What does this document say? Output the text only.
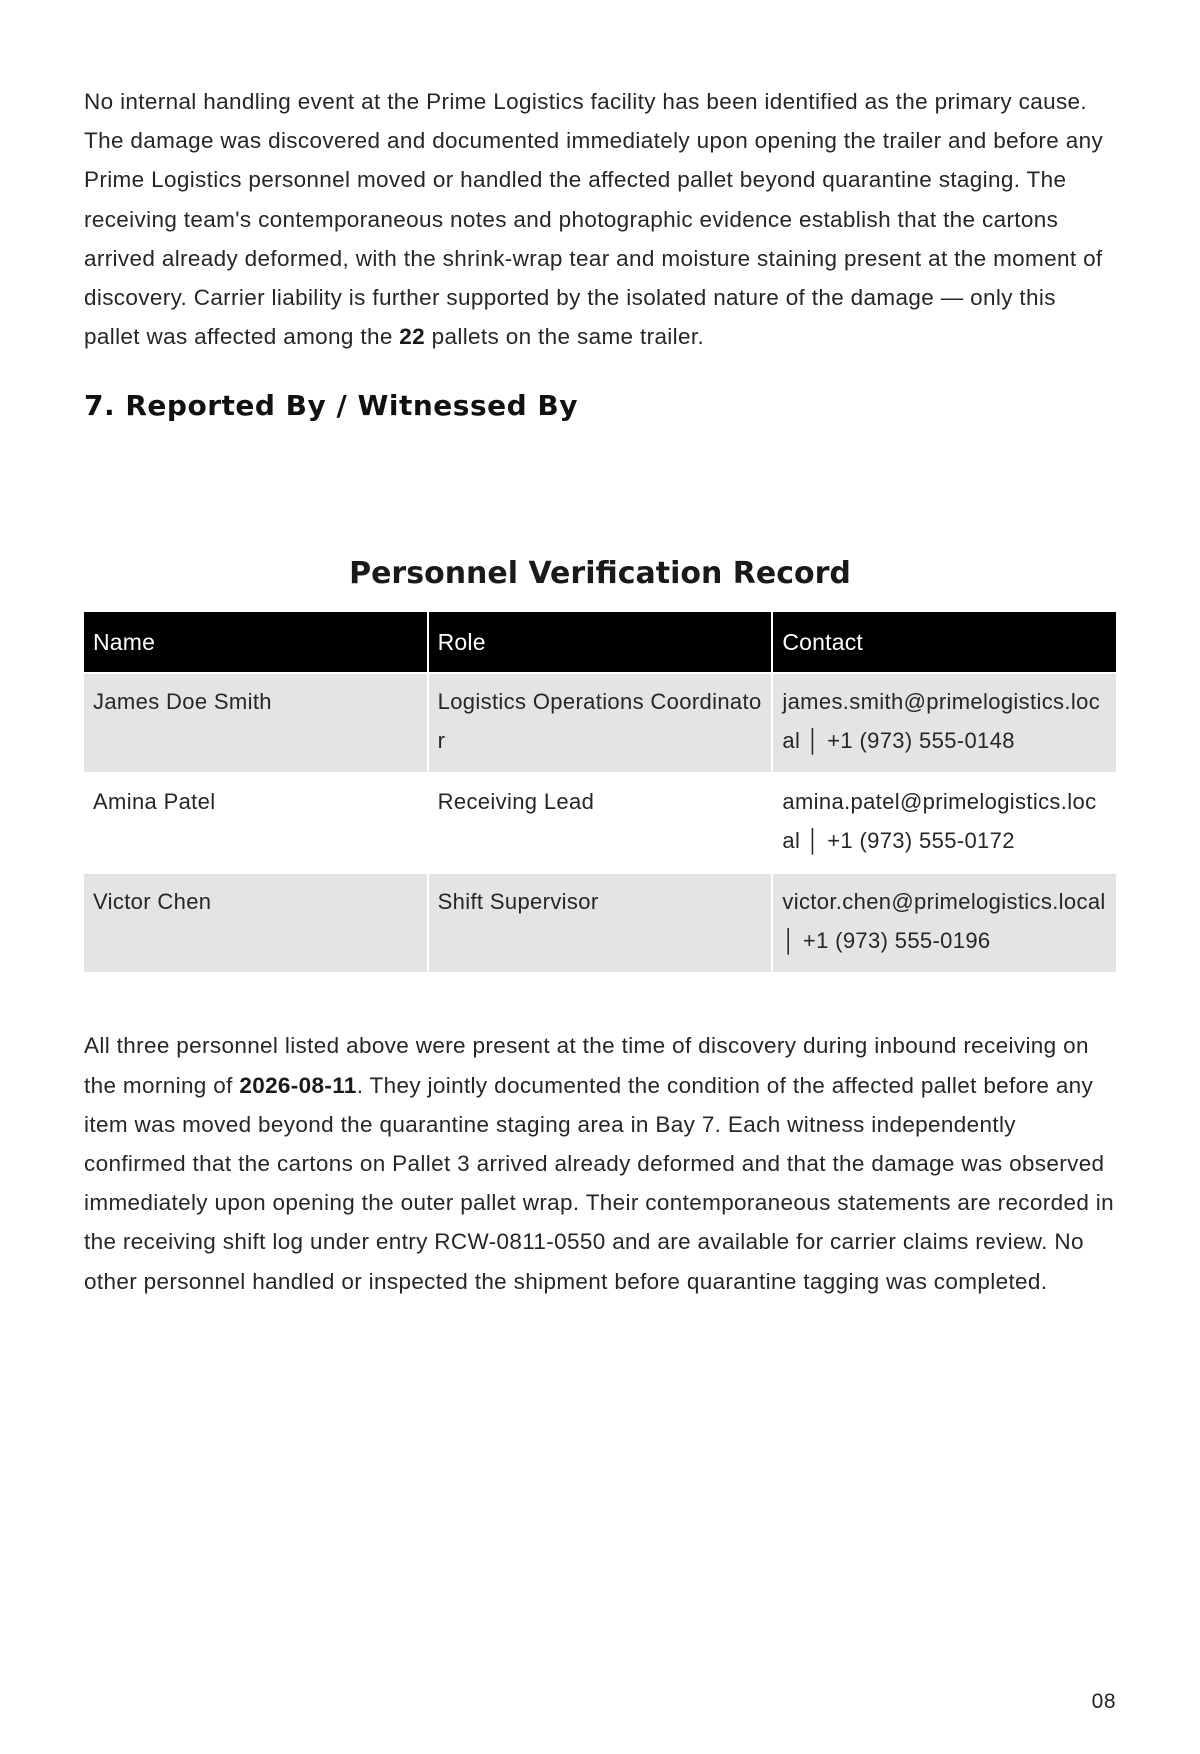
No internal handling event at the Prime Logistics facility has been identified as the primary cause. The damage was discovered and documented immediately upon opening the trailer and before any Prime Logistics personnel moved or handled the affected pallet beyond quarantine staging. The receiving team's contemporaneous notes and photographic evidence establish that the cartons arrived already deformed, with the shrink-wrap tear and moisture staining present at the moment of discovery. Carrier liability is further supported by the isolated nature of the damage — only this pallet was affected among the 22 pallets on the same trailer.

7. Reported By / Witnessed By
Personnel Verification Record
Name	Role	Contact
James Doe Smith	Logistics Operations Coordinator	james.smith@primelogistics.local │ +1 (973) 555-0148
Amina Patel	Receiving Lead	amina.patel@primelogistics.local │ +1 (973) 555-0172
Victor Chen	Shift Supervisor	victor.chen@primelogistics.local │ +1 (973) 555-0196

All three personnel listed above were present at the time of discovery during inbound receiving on the morning of 2026-08-11. They jointly documented the condition of the affected pallet before any item was moved beyond the quarantine staging area in Bay 7. Each witness independently confirmed that the cartons on Pallet 3 arrived already deformed and that the damage was observed immediately upon opening the outer pallet wrap. Their contemporaneous statements are recorded in the receiving shift log under entry RCW-0811-0550 and are available for carrier claims review. No other personnel handled or inspected the shipment before quarantine tagging was completed.

08
